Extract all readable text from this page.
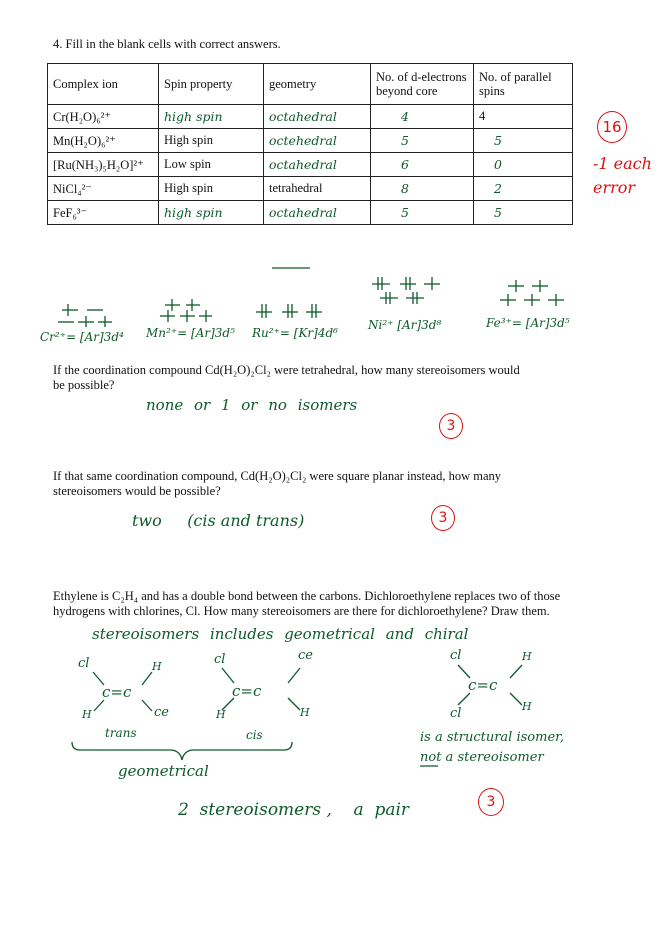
4. Fill in the blank cells with correct answers.
Complex ion	Spin property	geometry	No. of d-electrons beyond core	No. of parallel spins
Cr(H₂O)₆²⁺	high spin	octahedral	4	4
Mn(H₂O)₆²⁺	High spin	octehedral	5	5
[Ru(NH₃)₅H₂O]²⁺	Low spin	octahedral	6	0
NiCl₄²⁻	High spin	tetrahedral	8	2
FeF₆³⁻	high spin	octahedral	5	5
16
-1 each error
Cr²⁺= [Ar]3d⁴ Mn²⁺= [Ar]3d⁵ Ru²⁺= [Kr]4d⁶
Ni²⁺ [Ar]3d⁸	Fe³⁺= [Ar]3d⁵
If the coordination compound Cd(H₂O)₂Cl₂ were tetrahedral, how many stereoisomers would
be possible?
none or 1 or no isomers
3
If that same coordination compound, Cd(H₂O)₂Cl₂ were square planar instead, how many
stereoisomers would be possible?
two     (cis and trans)	3
Ethylene is C₂H₄ and has a double bond between the carbons. Dichloroethylene replaces two of those
hydrogens with chlorines, Cl. How many stereoisomers are there for dichloroethylene? Draw them.
stereoisomers includes geometrical and chiral
cl	H
c=c
H	ce
trans
cl	ce
c=c
H	H
cis
cl	H
c=c
cl	H
is a structural isomer,
not a stereoisomer
geometrical
2  stereoisomers ,    a  pair	3
